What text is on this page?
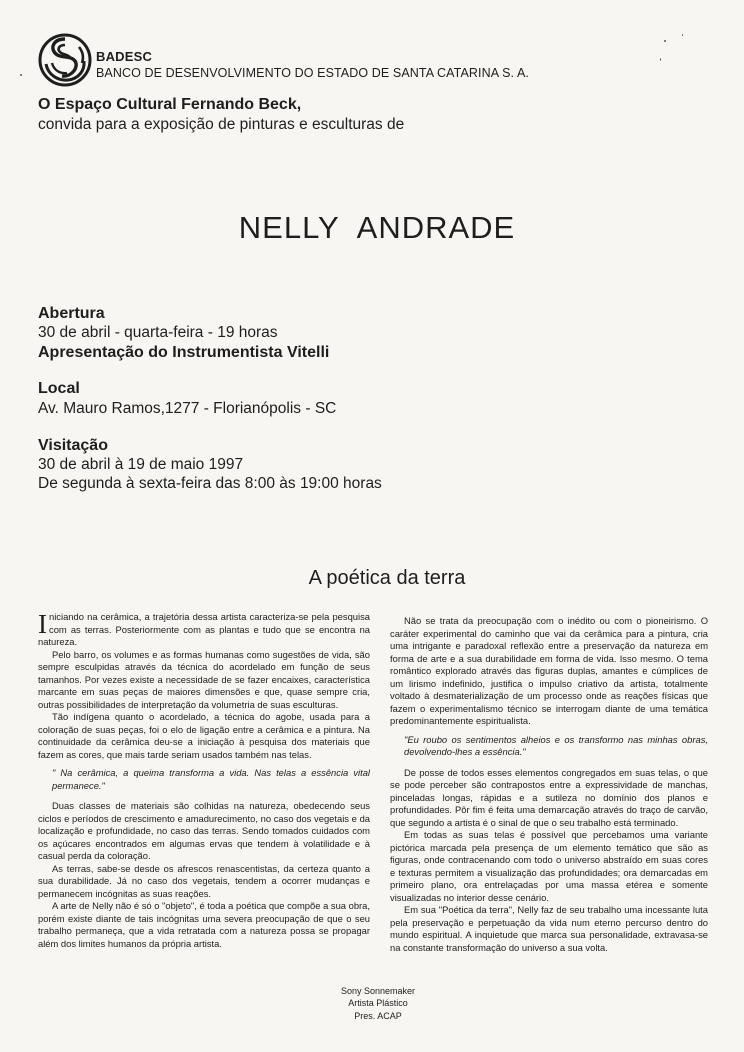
BADESC
BANCO DE DESENVOLVIMENTO DO ESTADO DE SANTA CATARINA S. A.
O Espaço Cultural Fernando Beck,
convida para a exposição de pinturas e esculturas de
NELLY  ANDRADE
Abertura
30 de abril - quarta-feira - 19 horas
Apresentação do Instrumentista Vitelli
Local
Av. Mauro Ramos,1277 - Florianópolis - SC
Visitação
30 de abril à 19 de maio 1997
De segunda à sexta-feira das 8:00 às 19:00 horas
A poética da terra

Iniciando na cerâmica, a trajetória dessa artista caracteriza-se pela pesquisa com as terras. Posteriormente com as plantas e tudo que se encontra na natureza.

Pelo barro, os volumes e as formas humanas como sugestões de vida, são sempre esculpidas através da técnica do acordelado em função de seus tamanhos. Por vezes existe a necessidade de se fazer encaixes, característica marcante em suas peças de maiores dimensões e que, quase sempre cria, outras possibilidades de interpretação da volumetria de suas esculturas.

Tão indígena quanto o acordelado, a técnica do agobe, usada para a coloração de suas peças, foi o elo de ligação entre a cerâmica e a pintura. Na continuidade da cerâmica deu-se a iniciação à pesquisa dos materiais que fazem as cores, que mais tarde seriam usados também nas telas.

" Na cerâmica, a queima transforma a vida. Nas telas a essência vital permanece."

Duas classes de materiais são colhidas na natureza, obedecendo seus ciclos e períodos de crescimento e amadurecimento, no caso dos vegetais e da localização e profundidade, no caso das terras. Sendo tomados cuidados com os açúcares encontrados em algumas ervas que tendem à volatilidade e à casual perda da coloração.

As terras, sabe-se desde os afrescos renascentistas, da certeza quanto a sua durabilidade. Já no caso dos vegetais, tendem a ocorrer mudanças e permanecem incógnitas as suas reações.

A arte de Nelly não é só o "objeto", é toda a poética que compõe a sua obra, porém existe diante de tais incógnitas uma severa preocupação de que o seu trabalho permaneça, que a vida retratada com a natureza possa se propagar além dos limites humanos da própria artista.

Não se trata da preocupação com o inédito ou com o pioneirismo. O caráter experimental do caminho que vai da cerâmica para a pintura, cria uma intrigante e paradoxal reflexão entre a preservação da natureza em forma de arte e a sua durabilidade em forma de vida. Isso mesmo. O tema romântico explorado através das figuras duplas, amantes e cúmplices de um lirismo indefinido, justifica o impulso criativo da artista, totalmente voltado à desmaterialização de um processo onde as reações físicas que fazem o experimentalismo técnico se interrogam diante de uma temática predominantemente espiritualista.

"Eu roubo os sentimentos alheios e os transformo nas minhas obras, devolvendo-lhes a essência."

De posse de todos esses elementos congregados em suas telas, o que se pode perceber são contrapostos entre a expressividade de manchas, pinceladas longas, rápidas e a sutileza no domínio dos planos e profundidades. Pôr fim é feita uma demarcação através do traço de carvão, que segundo a artista é o sinal de que o seu trabalho está terminado.

Em todas as suas telas é possível que percebamos uma variante pictórica marcada pela presença de um elemento temático que são as figuras, onde contracenando com todo o universo abstraído em suas cores e texturas permitem a visualização das profundidades; ora demarcadas em primeiro plano, ora entrelaçadas por uma massa etérea e somente visualizadas no interior desse cenário.

Em sua "Poética da terra", Nelly faz de seu trabalho uma incessante luta pela preservação e perpetuação da vida num eterno percurso dentro do mundo espiritual. A inquietude que marca sua personalidade, extravasa-se na constante transformação do universo a sua volta.

Sony Sonnemaker
Artista Plástico
Pres. ACAP
